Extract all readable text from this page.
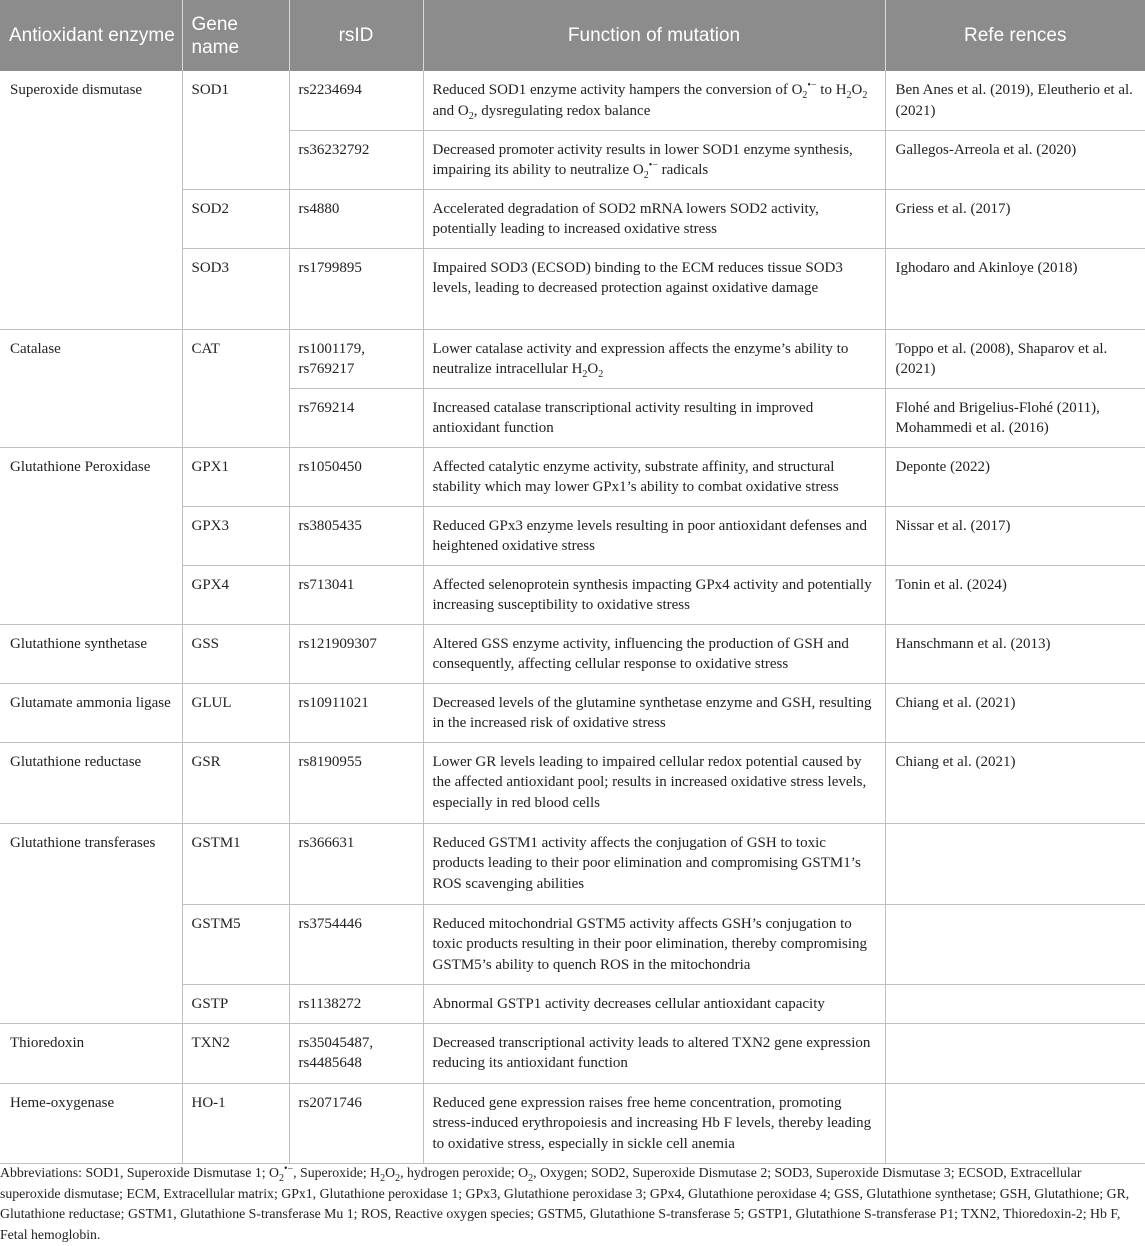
Antioxidant enzyme	Gene name	rsID	Function of mutation	Refe rences
Superoxide dismutase	SOD1	rs2234694	Reduced SOD1 enzyme activity hampers the conversion of $O_2^{•-}$ to $H_2O_2$ and $O_2$, dysregulating redox balance	Ben Anes et al. (2019), Eleutherio et al. (2021)
		rs36232792	Decreased promoter activity results in lower SOD1 enzyme synthesis, impairing its ability to neutralize $O_2^{•-}$ radicals	Gallegos-Arreola et al. (2020)
	SOD2	rs4880	Accelerated degradation of SOD2 mRNA lowers SOD2 activity, potentially leading to increased oxidative stress	Griess et al. (2017)
	SOD3	rs1799895	Impaired SOD3 (ECSOD) binding to the ECM reduces tissue SOD3 levels, leading to decreased protection against oxidative damage	Ighodaro and Akinloye (2018)
Catalase	CAT	rs1001179, rs769217	Lower catalase activity and expression affects the enzyme’s ability to neutralize intracellular $H_2O_2$	Toppo et al. (2008), Shaparov et al. (2021)
		rs769214	Increased catalase transcriptional activity resulting in improved antioxidant function	Flohé and Brigelius-Flohé (2011), Mohammedi et al. (2016)
Glutathione Peroxidase	GPX1	rs1050450	Affected catalytic enzyme activity, substrate affinity, and structural stability which may lower GPx1’s ability to combat oxidative stress	Deponte (2022)
	GPX3	rs3805435	Reduced GPx3 enzyme levels resulting in poor antioxidant defenses and heightened oxidative stress	Nissar et al. (2017)
	GPX4	rs713041	Affected selenoprotein synthesis impacting GPx4 activity and potentially increasing susceptibility to oxidative stress	Tonin et al. (2024)
Glutathione synthetase	GSS	rs121909307	Altered GSS enzyme activity, influencing the production of GSH and consequently, affecting cellular response to oxidative stress	Hanschmann et al. (2013)
Glutamate ammonia ligase	GLUL	rs10911021	Decreased levels of the glutamine synthetase enzyme and GSH, resulting in the increased risk of oxidative stress	Chiang et al. (2021)
Glutathione reductase	GSR	rs8190955	Lower GR levels leading to impaired cellular redox potential caused by the affected antioxidant pool; results in increased oxidative stress levels, especially in red blood cells	Chiang et al. (2021)
Glutathione transferases	GSTM1	rs366631	Reduced GSTM1 activity affects the conjugation of GSH to toxic products leading to their poor elimination and compromising GSTM1’s ROS scavenging abilities	
	GSTM5	rs3754446	Reduced mitochondrial GSTM5 activity affects GSH’s conjugation to toxic products resulting in their poor elimination, thereby compromising GSTM5’s ability to quench ROS in the mitochondria	
	GSTP	rs1138272	Abnormal GSTP1 activity decreases cellular antioxidant capacity	
Thioredoxin	TXN2	rs35045487, rs4485648	Decreased transcriptional activity leads to altered TXN2 gene expression reducing its antioxidant function	
Heme-oxygenase	HO-1	rs2071746	Reduced gene expression raises free heme concentration, promoting stress-induced erythropoiesis and increasing Hb F levels, thereby leading to oxidative stress, especially in sickle cell anemia	
Abbreviations: SOD1, Superoxide Dismutase 1; $O_2^{•-}$, Superoxide; $H_2O_2$, hydrogen peroxide; $O_2$, Oxygen; SOD2, Superoxide Dismutase 2; SOD3, Superoxide Dismutase 3; ECSOD, Extracellular superoxide dismutase; ECM, Extracellular matrix; GPx1, Glutathione peroxidase 1; GPx3, Glutathione peroxidase 3; GPx4, Glutathione peroxidase 4; GSS, Glutathione synthetase; GSH, Glutathione; GR, Glutathione reductase; GSTM1, Glutathione S-transferase Mu 1; ROS, Reactive oxygen species; GSTM5, Glutathione S-transferase 5; GSTP1, Glutathione S-transferase P1; TXN2, Thioredoxin-2; Hb F, Fetal hemoglobin.
